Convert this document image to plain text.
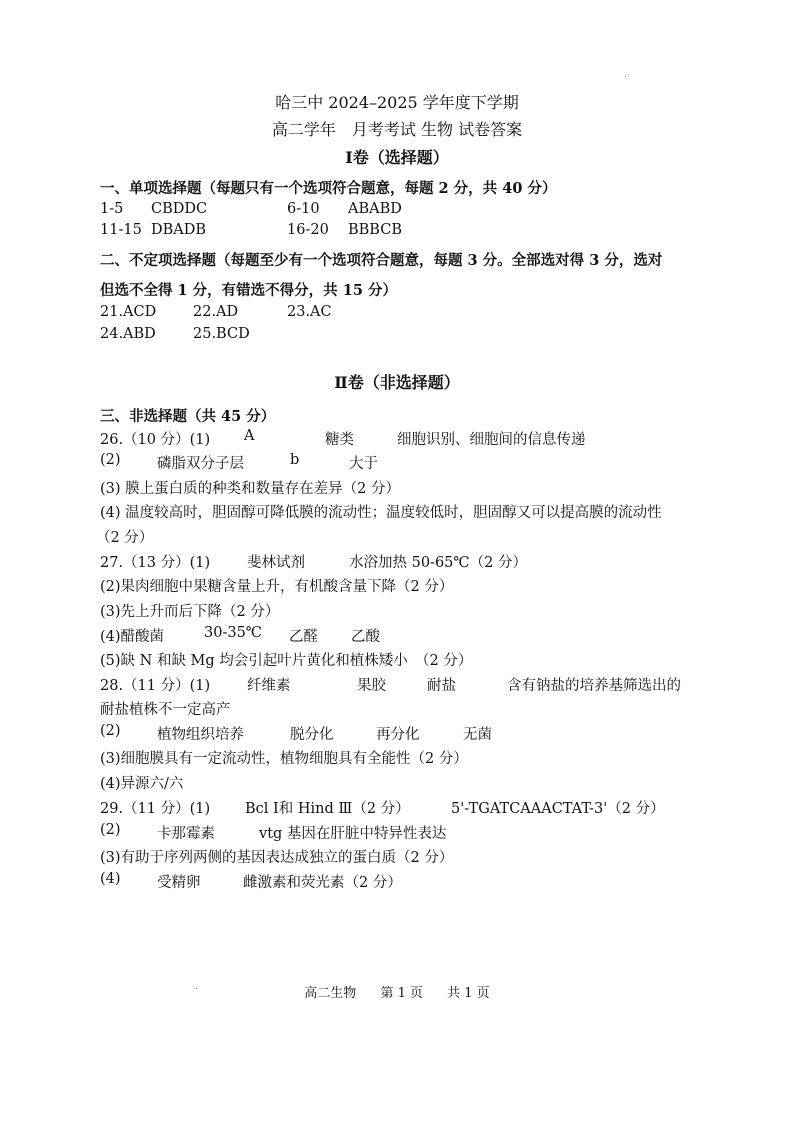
哈三中 2024–2025 学年度下学期
高二学年　月考考试 生物 试卷答案
Ⅰ卷（选择题）
一、单项选择题（每题只有一个选项符合题意，每题 2 分，共 40 分）
1-5 CBDDC	6-10 ABABD
11-15 DBADB	16-20 BBBCB
二、不定项选择题（每题至少有一个选项符合题意，每题 3 分。全部选对得 3 分，选对
但选不全得 1 分，有错选不得分，共 15 分）
21.ACD	22.AD	23.AC
24.ABD	25.BCD
Ⅱ卷（非选择题）
三、非选择题（共 45 分）
26.（10 分）(1) A	糖类	细胞识别、细胞间的信息传递
(2)	磷脂双分子层	b	大于
(3) 膜上蛋白质的种类和数量存在差异（2 分）
(4) 温度较高时，胆固醇可降低膜的流动性；温度较低时，胆固醇又可以提高膜的流动性
（2 分）
27.（13 分）(1)	斐林试剂	水浴加热 50-65℃（2 分）
(2)果肉细胞中果糖含量上升，有机酸含量下降（2 分）
(3)先上升而后下降（2 分）
(4)醋酸菌	30-35℃ 乙醛 乙酸
(5)缺 N 和缺 Mg 均会引起叶片黄化和植株矮小　（2 分）
28.（11 分）(1)	纤维素	果胶	耐盐	含有钠盐的培养基筛选出的
耐盐植株不一定高产
(2)	植物组织培养	脱分化	再分化	无菌
(3)细胞膜具有一定流动性，植物细胞具有全能性（2 分）
(4)异源六/六
29.（11 分）(1) Bcl Ⅰ和 Hind Ⅲ（2 分）	5'-TGATCAAACTAT-3'（2 分）
(2)	卡那霉素	vtg 基因在肝脏中特异性表达
(3)有助于序列两侧的基因表达成独立的蛋白质（2 分）
(4)	受精卵	雌激素和荧光素（2 分）
高二生物 第 1 页 共 1 页
